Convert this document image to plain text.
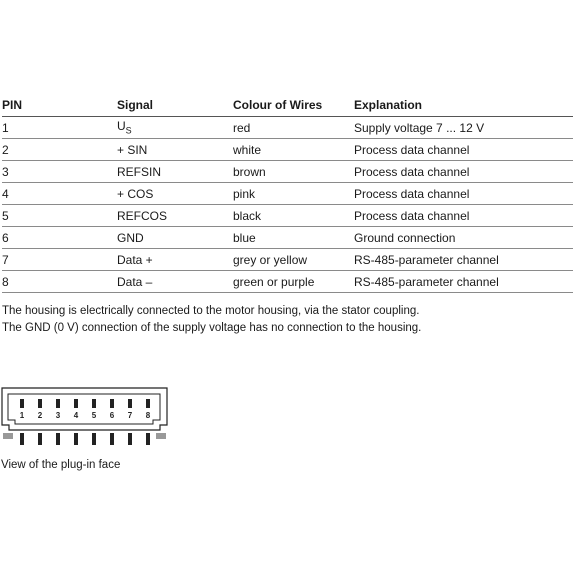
PIN	Signal	Colour of Wires	Explanation
1	$U_S$	red	Supply voltage 7 ... 12 V
2	+ SIN	white	Process data channel
3	REFSIN	brown	Process data channel
4	+ COS	pink	Process data channel
5	REFCOS	black	Process data channel
6	GND	blue	Ground connection
7	Data +	grey or yellow	RS-485-parameter channel
8	Data –	green or purple	RS-485-parameter channel

The housing is electrically connected to the motor housing, via the stator coupling.

The GND (0 V) connection of the supply voltage has no connection to the housing.

1 2 3 4 5 6 7 8
View of the plug-in face
